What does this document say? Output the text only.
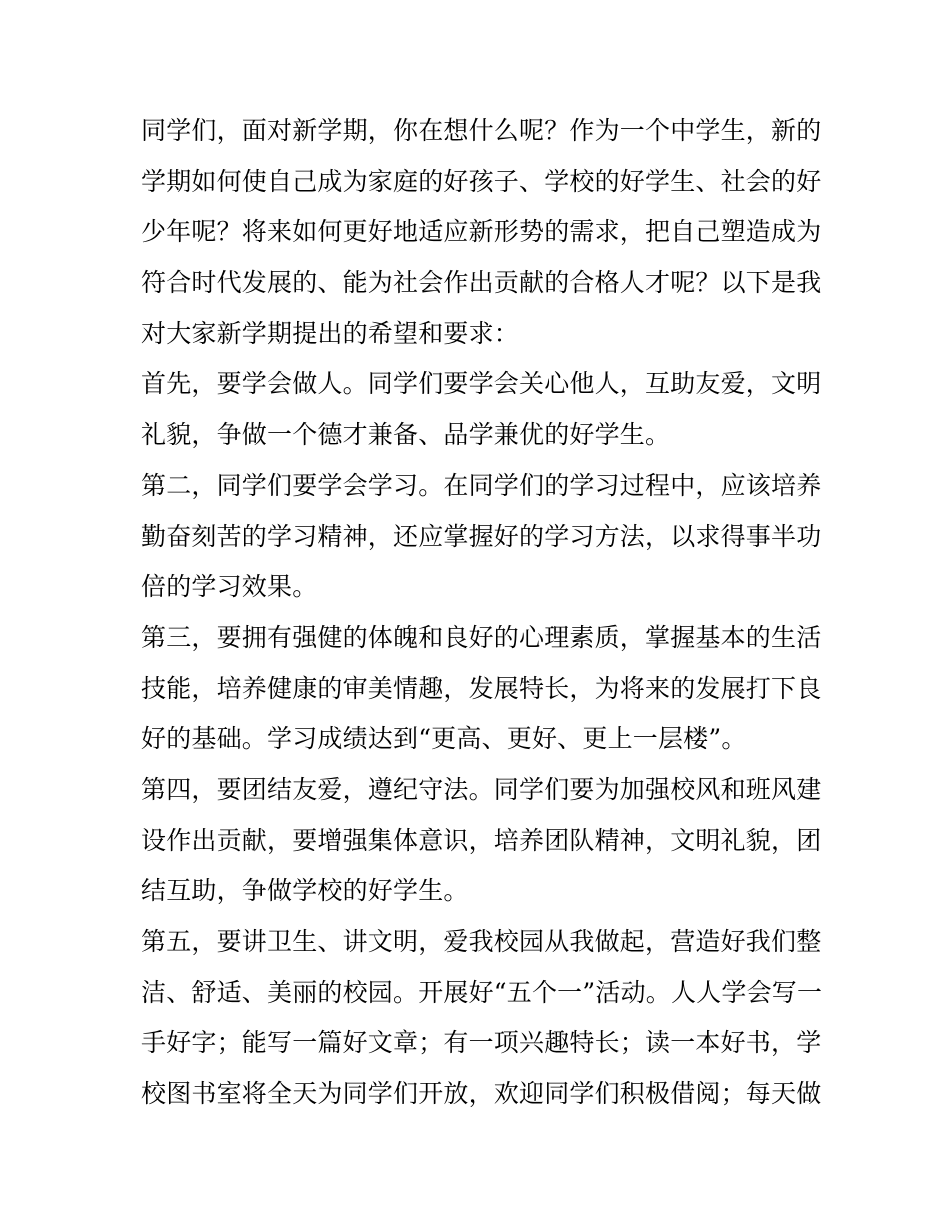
同学们，面对新学期，你在想什么呢？作为一个中学生，新的
学期如何使自己成为家庭的好孩子、学校的好学生、社会的好
少年呢？将来如何更好地适应新形势的需求，把自己塑造成为
符合时代发展的、能为社会作出贡献的合格人才呢？以下是我
对大家新学期提出的希望和要求：
首先，要学会做人。同学们要学会关心他人，互助友爱，文明
礼貌，争做一个德才兼备、品学兼优的好学生。
第二，同学们要学会学习。在同学们的学习过程中，应该培养
勤奋刻苦的学习精神，还应掌握好的学习方法，以求得事半功
倍的学习效果。
第三，要拥有强健的体魄和良好的心理素质，掌握基本的生活
技能，培养健康的审美情趣，发展特长，为将来的发展打下良
好的基础。学习成绩达到“更高、更好、更上一层楼”。
第四，要团结友爱，遵纪守法。同学们要为加强校风和班风建
设作出贡献，要增强集体意识，培养团队精神，文明礼貌，团
结互助，争做学校的好学生。
第五，要讲卫生、讲文明，爱我校园从我做起，营造好我们整
洁、舒适、美丽的校园。开展好“五个一”活动。人人学会写一
手好字；能写一篇好文章；有一项兴趣特长；读一本好书，学
校图书室将全天为同学们开放，欢迎同学们积极借阅；每天做
